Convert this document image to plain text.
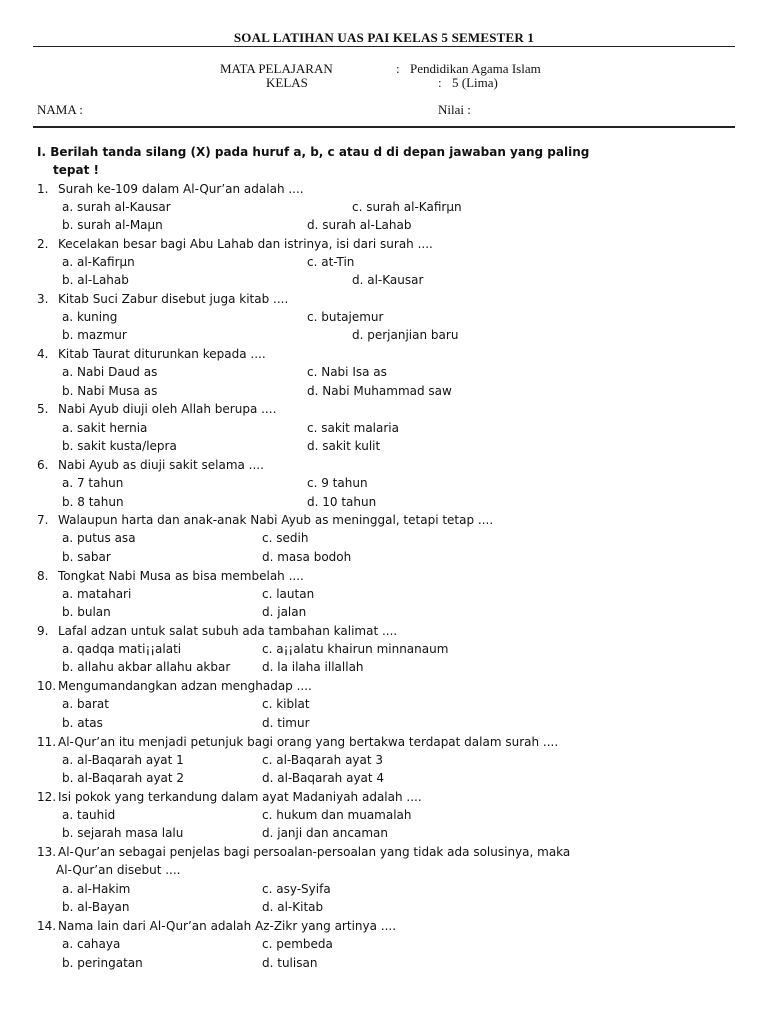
SOAL LATIHAN UAS PAI KELAS 5 SEMESTER 1
MATA PELAJARAN	: Pendidikan Agama Islam
KELAS	: 5 (Lima)
NAMA :	Nilai :
I. Berilah tanda silang (X) pada huruf a, b, c atau d di depan jawaban yang paling
tepat !
1. Surah ke-109 dalam Al-Qur’an adalah ....
a. surah al-Kausar	c. surah al-Kafirμn
b. surah al-Maμn	d. surah al-Lahab
2. Kecelakan besar bagi Abu Lahab dan istrinya, isi dari surah ....
a. al-Kafirμn	c. at-Tin
b. al-Lahab	d. al-Kausar
3. Kitab Suci Zabur disebut juga kitab ....
a. kuning	c. butajemur
b. mazmur	d. perjanjian baru
4. Kitab Taurat diturunkan kepada ....
a. Nabi Daud as	c. Nabi Isa as
b. Nabi Musa as	d. Nabi Muhammad saw
5. Nabi Ayub diuji oleh Allah berupa ....
a. sakit hernia	c. sakit malaria
b. sakit kusta/lepra	d. sakit kulit
6. Nabi Ayub as diuji sakit selama ....
a. 7 tahun	c. 9 tahun
b. 8 tahun	d. 10 tahun
7. Walaupun harta dan anak-anak Nabi Ayub as meninggal, tetapi tetap ....
a. putus asa	c. sedih
b. sabar	d. masa bodoh
8. Tongkat Nabi Musa as bisa membelah ....
a. matahari	c. lautan
b. bulan	d. jalan
9. Lafal adzan untuk salat subuh ada tambahan kalimat ....
a. qadqa mati¡¡alati	c. a¡¡alatu khairun minnanaum
b. allahu akbar allahu akbar	d. la ilaha illallah
10. Mengumandangkan adzan menghadap ....
a. barat	c. kiblat
b. atas	d. timur
11. Al-Qur’an itu menjadi petunjuk bagi orang yang bertakwa terdapat dalam surah ....
a. al-Baqarah ayat 1	c. al-Baqarah ayat 3
b. al-Baqarah ayat 2	d. al-Baqarah ayat 4
12. Isi pokok yang terkandung dalam ayat Madaniyah adalah ....
a. tauhid	c. hukum dan muamalah
b. sejarah masa lalu	d. janji dan ancaman
13. Al-Qur’an sebagai penjelas bagi persoalan-persoalan yang tidak ada solusinya, maka
Al-Qur’an disebut ....
a. al-Hakim	c. asy-Syifa
b. al-Bayan	d. al-Kitab
14. Nama lain dari Al-Qur’an adalah Az-Zikr yang artinya ....
a. cahaya	c. pembeda
b. peringatan	d. tulisan
